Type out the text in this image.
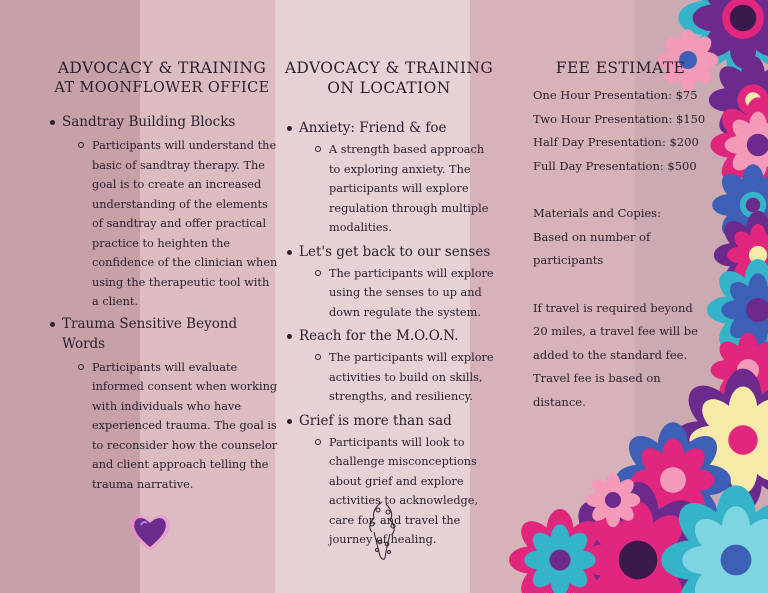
ADVOCACY & TRAINING
AT MOONFLOWER OFFICE
Sandtray Building Blocks
Participants will understand the basic of sandtray therapy. The goal is to create an increased understanding of the elements of sandtray and offer practical practice to heighten the confidence of the clinician when using the therapeutic tool with a client.
Trauma Sensitive Beyond Words
Participants will evaluate informed consent when working with individuals who have experienced trauma. The goal is to reconsider how the counselor and client approach telling the trauma narrative.
ADVOCACY & TRAINING
ON LOCATION
Anxiety: Friend & foe
A strength based approach to exploring anxiety. The participants will explore regulation through multiple modalities.
Let's get back to our senses
The participants will explore using the senses to up and down regulate the system.
Reach for the M.O.O.N.
The participants will explore activities to build on skills, strengths, and resiliency.
Grief is more than sad
Participants will look to challenge misconceptions about grief and explore activities to acknowledge, care for, and travel the journey of healing.
FEE ESTIMATE
One Hour Presentation: $75
Two Hour Presentation: $150
Half Day Presentation: $200
Full Day Presentation: $500
Materials and Copies:
Based on number of participants
If travel is required beyond 20 miles, a travel fee will be added to the standard fee. Travel fee is based on distance.
